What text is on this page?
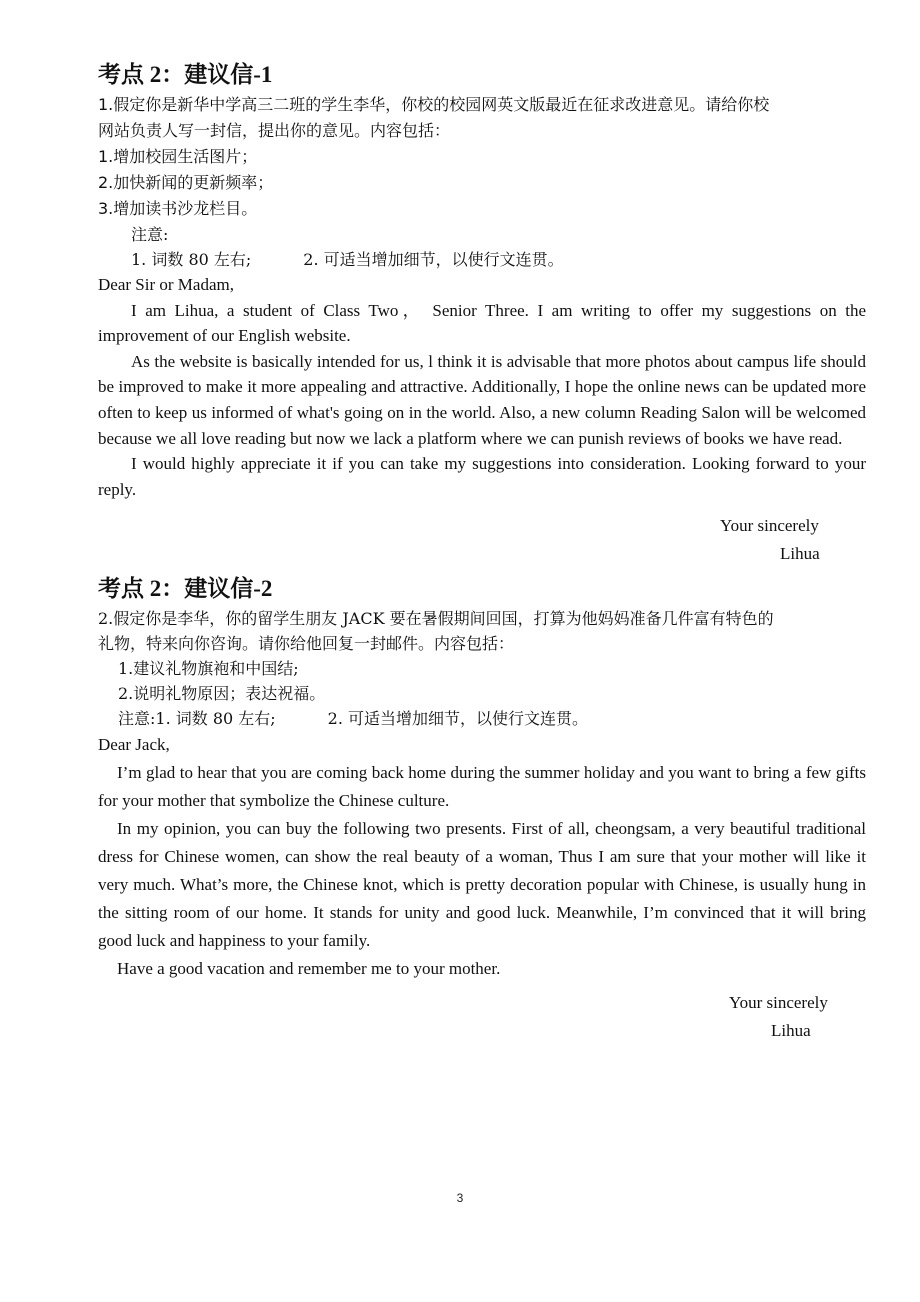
考点 2：建议信-1
1.假定你是新华中学高三二班的学生李华，你校的校园网英文版最近在征求改进意见。请给你校
网站负责人写一封信，提出你的意见。内容包括：
1.增加校园生活图片；
2.加快新闻的更新频率；
3.增加读书沙龙栏目。
注意:
1. 词数 80 左右;	2. 可适当增加细节，以使行文连贯。
Dear Sir or Madam,

I am Lihua, a student of Class Two， Senior Three. I am writing to offer my suggestions on the improvement of our English website.

As the website is basically intended for us, l think it is advisable that more photos about campus life should be improved to make it more appealing and attractive. Additionally, I hope the online news can be updated more often to keep us informed of what's going on in the world. Also, a new column Reading Salon will be welcomed because we all love reading but now we lack a platform where we can punish reviews of books we have read.

I would highly appreciate it if you can take my suggestions into consideration. Looking forward to your reply.

Your sincerely
Lihua
考点 2：建议信-2
2.假定你是李华，你的留学生朋友 JACK 要在暑假期间回国，打算为他妈妈准备几件富有特色的
礼物，特来向你咨询。请你给他回复一封邮件。内容包括：
1.建议礼物旗袍和中国结;
2.说明礼物原因；表达祝福。
注意:1. 词数 80 左右;	2. 可适当增加细节，以使行文连贯。
Dear Jack,

I’m glad to hear that you are coming back home during the summer holiday and you want to bring a few gifts for your mother that symbolize the Chinese culture.

In my opinion, you can buy the following two presents. First of all, cheongsam, a very beautiful traditional dress for Chinese women, can show the real beauty of a woman, Thus I am sure that your mother will like it very much. What’s more, the Chinese knot, which is pretty decoration popular with Chinese, is usually hung in the sitting room of our home. It stands for unity and good luck. Meanwhile, I’m convinced that it will bring good luck and happiness to your family.

Have a good vacation and remember me to your mother.

Your sincerely
Lihua
3
